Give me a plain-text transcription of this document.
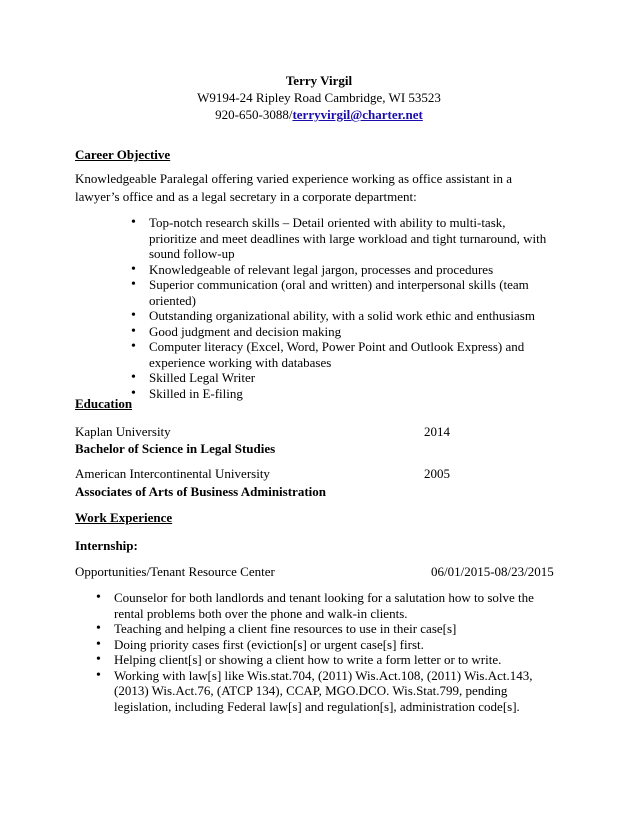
Terry Virgil
W9194-24 Ripley Road Cambridge, WI 53523
920-650-3088/terryvirgil@charter.net
Career Objective
Knowledgeable Paralegal offering varied experience working as office assistant in a lawyer’s office and as a legal secretary in a corporate department:
• Top-notch research skills – Detail oriented with ability to multi-task, prioritize and meet deadlines with large workload and tight turnaround, with sound follow-up
• Knowledgeable of relevant legal jargon, processes and procedures
• Superior communication (oral and written) and interpersonal skills (team oriented)
• Outstanding organizational ability, with a solid work ethic and enthusiasm
• Good judgment and decision making
• Computer literacy (Excel, Word, Power Point and Outlook Express) and experience working with databases
• Skilled Legal Writer
• Skilled in E-filing
Education
Kaplan University	2014
Bachelor of Science in Legal Studies
American Intercontinental University	2005
Associates of Arts of Business Administration
Work Experience
Internship:
Opportunities/Tenant Resource Center	06/01/2015-08/23/2015
• Counselor for both landlords and tenant looking for a salutation how to solve the rental problems both over the phone and walk-in clients.
• Teaching and helping a client fine resources to use in their case[s]
• Doing priority cases first (eviction[s] or urgent case[s] first.
• Helping client[s] or showing a client how to write a form letter or to write.
• Working with law[s] like Wis.stat.704, (2011) Wis.Act.108, (2011) Wis.Act.143, (2013) Wis.Act.76, (ATCP 134), CCAP, MGO.DCO. Wis.Stat.799, pending legislation, including Federal law[s] and regulation[s], administration code[s].
